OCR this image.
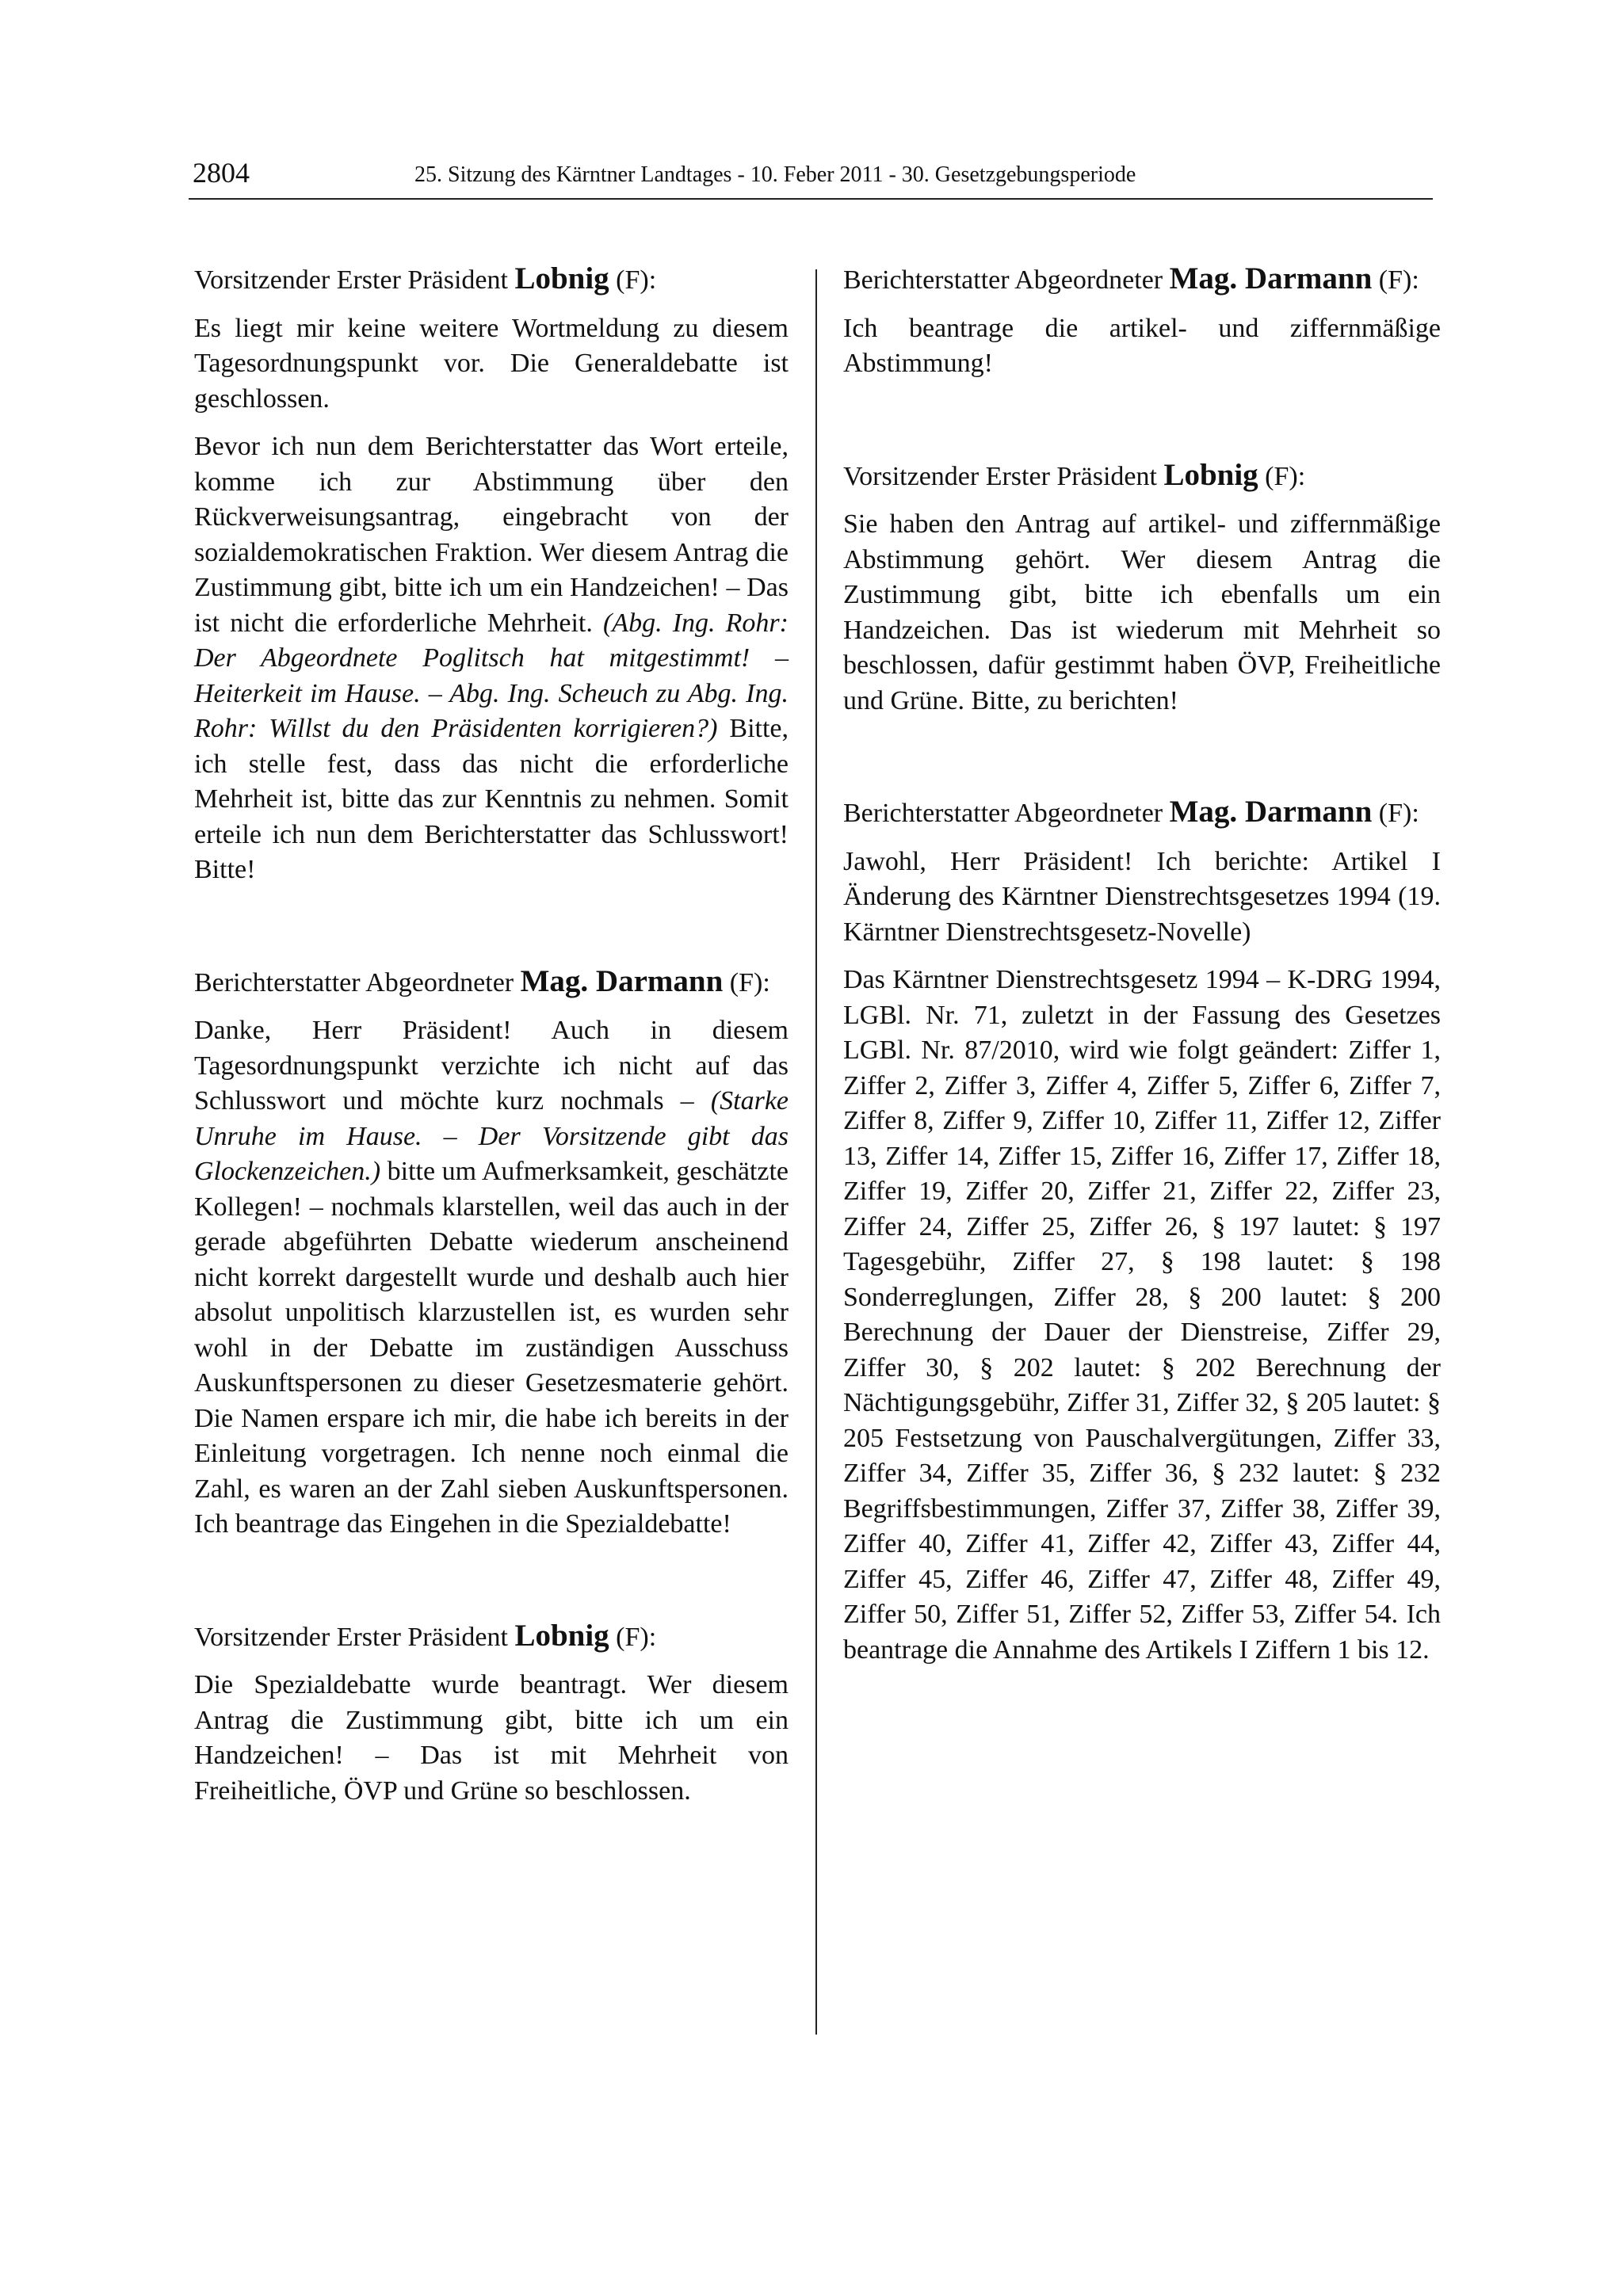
2804	25. Sitzung des Kärntner Landtages - 10. Feber 2011 - 30. Gesetzgebungsperiode

Vorsitzender Erster Präsident Lobnig (F):

Es liegt mir keine weitere Wortmeldung zu diesem Tagesordnungspunkt vor. Die Generaldebatte ist geschlossen.

Bevor ich nun dem Berichterstatter das Wort erteile, komme ich zur Abstimmung über den Rückverweisungsantrag, eingebracht von der sozialdemokratischen Fraktion. Wer diesem Antrag die Zustimmung gibt, bitte ich um ein Handzeichen! – Das ist nicht die erforderliche Mehrheit. (Abg. Ing. Rohr: Der Abgeordnete Poglitsch hat mitgestimmt! – Heiterkeit im Hause. – Abg. Ing. Scheuch zu Abg. Ing. Rohr: Willst du den Präsidenten korrigieren?) Bitte, ich stelle fest, dass das nicht die erforderliche Mehrheit ist, bitte das zur Kenntnis zu nehmen. Somit erteile ich nun dem Berichterstatter das Schlusswort! Bitte!

Berichterstatter Abgeordneter Mag. Darmann (F):

Danke, Herr Präsident! Auch in diesem Tagesordnungspunkt verzichte ich nicht auf das Schlusswort und möchte kurz nochmals – (Starke Unruhe im Hause. – Der Vorsitzende gibt das Glockenzeichen.) bitte um Aufmerksamkeit, geschätzte Kollegen! – nochmals klarstellen, weil das auch in der gerade abgeführten Debatte wiederum anscheinend nicht korrekt dargestellt wurde und deshalb auch hier absolut unpolitisch klarzustellen ist, es wurden sehr wohl in der Debatte im zuständigen Ausschuss Auskunftspersonen zu dieser Gesetzesmaterie gehört. Die Namen erspare ich mir, die habe ich bereits in der Einleitung vorgetragen. Ich nenne noch einmal die Zahl, es waren an der Zahl sieben Auskunftspersonen. Ich beantrage das Eingehen in die Spezialdebatte!

Vorsitzender Erster Präsident Lobnig (F):

Die Spezialdebatte wurde beantragt. Wer diesem Antrag die Zustimmung gibt, bitte ich um ein Handzeichen! – Das ist mit Mehrheit von Freiheitliche, ÖVP und Grüne so beschlossen.

Berichterstatter Abgeordneter Mag. Darmann (F):

Ich beantrage die artikel- und ziffernmäßige Abstimmung!

Vorsitzender Erster Präsident Lobnig (F):

Sie haben den Antrag auf artikel- und ziffernmäßige Abstimmung gehört. Wer diesem Antrag die Zustimmung gibt, bitte ich ebenfalls um ein Handzeichen. Das ist wiederum mit Mehrheit so beschlossen, dafür gestimmt haben ÖVP, Freiheitliche und Grüne. Bitte, zu berichten!

Berichterstatter Abgeordneter Mag. Darmann (F):

Jawohl, Herr Präsident! Ich berichte: Artikel I Änderung des Kärntner Dienstrechtsgesetzes 1994 (19. Kärntner Dienstrechtsgesetz-Novelle)

Das Kärntner Dienstrechtsgesetz 1994 – K-DRG 1994, LGBl. Nr. 71, zuletzt in der Fassung des Gesetzes LGBl. Nr. 87/2010, wird wie folgt geändert: Ziffer 1, Ziffer 2, Ziffer 3, Ziffer 4, Ziffer 5, Ziffer 6, Ziffer 7, Ziffer 8, Ziffer 9, Ziffer 10, Ziffer 11, Ziffer 12, Ziffer 13, Ziffer 14, Ziffer 15, Ziffer 16, Ziffer 17, Ziffer 18, Ziffer 19, Ziffer 20, Ziffer 21, Ziffer 22, Ziffer 23, Ziffer 24, Ziffer 25, Ziffer 26, § 197 lautet: § 197 Tagesgebühr, Ziffer 27, § 198 lautet: § 198 Sonderreglungen, Ziffer 28, § 200 lautet: § 200 Berechnung der Dauer der Dienstreise, Ziffer 29, Ziffer 30, § 202 lautet: § 202 Berechnung der Nächtigungsgebühr, Ziffer 31, Ziffer 32, § 205 lautet: § 205 Festsetzung von Pauschalvergütungen, Ziffer 33, Ziffer 34, Ziffer 35, Ziffer 36, § 232 lautet: § 232 Begriffsbestimmungen, Ziffer 37, Ziffer 38, Ziffer 39, Ziffer 40, Ziffer 41, Ziffer 42, Ziffer 43, Ziffer 44, Ziffer 45, Ziffer 46, Ziffer 47, Ziffer 48, Ziffer 49, Ziffer 50, Ziffer 51, Ziffer 52, Ziffer 53, Ziffer 54. Ich beantrage die Annahme des Artikels I Ziffern 1 bis 12.
